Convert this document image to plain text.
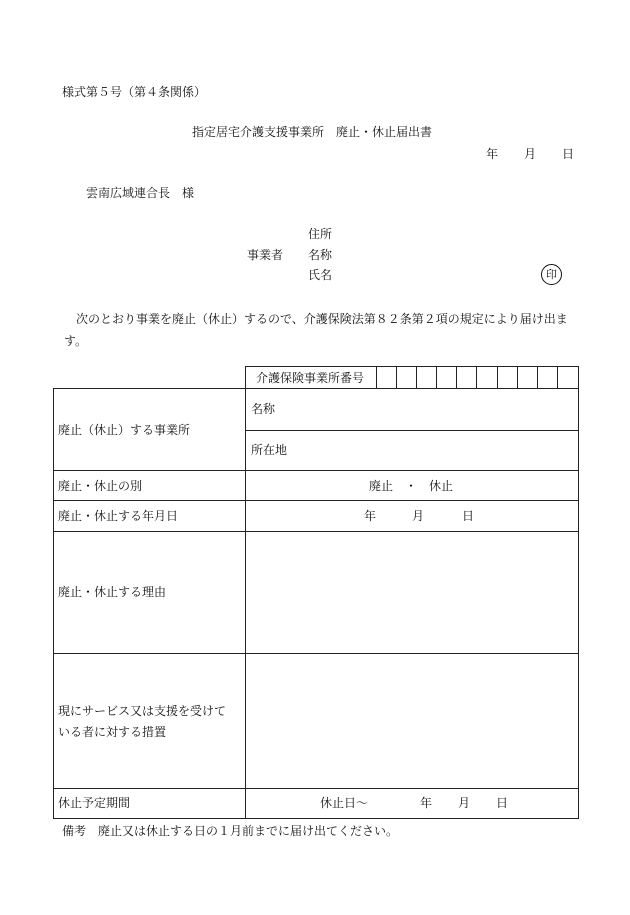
様式第５号（第４条関係）
指定居宅介護支援事業所　廃止・休止届出書
年 月 日
雲南広域連合長　様
住所
事業者 名称
氏名	印
次のとおり事業を廃止（休止）するので、介護保険法第８２条第２項の規定により届け出ます。
介護保険事業所番号
廃止（休止）する事業所
名称
所在地
廃止・休止の別	廃止　・　休止
廃止・休止する年月日	年	月	日
廃止・休止する理由
現にサービス又は支援を受けて
いる者に対する措置
休止予定期間	休止日～	年 月 日
備考　廃止又は休止する日の１月前までに届け出てください。
